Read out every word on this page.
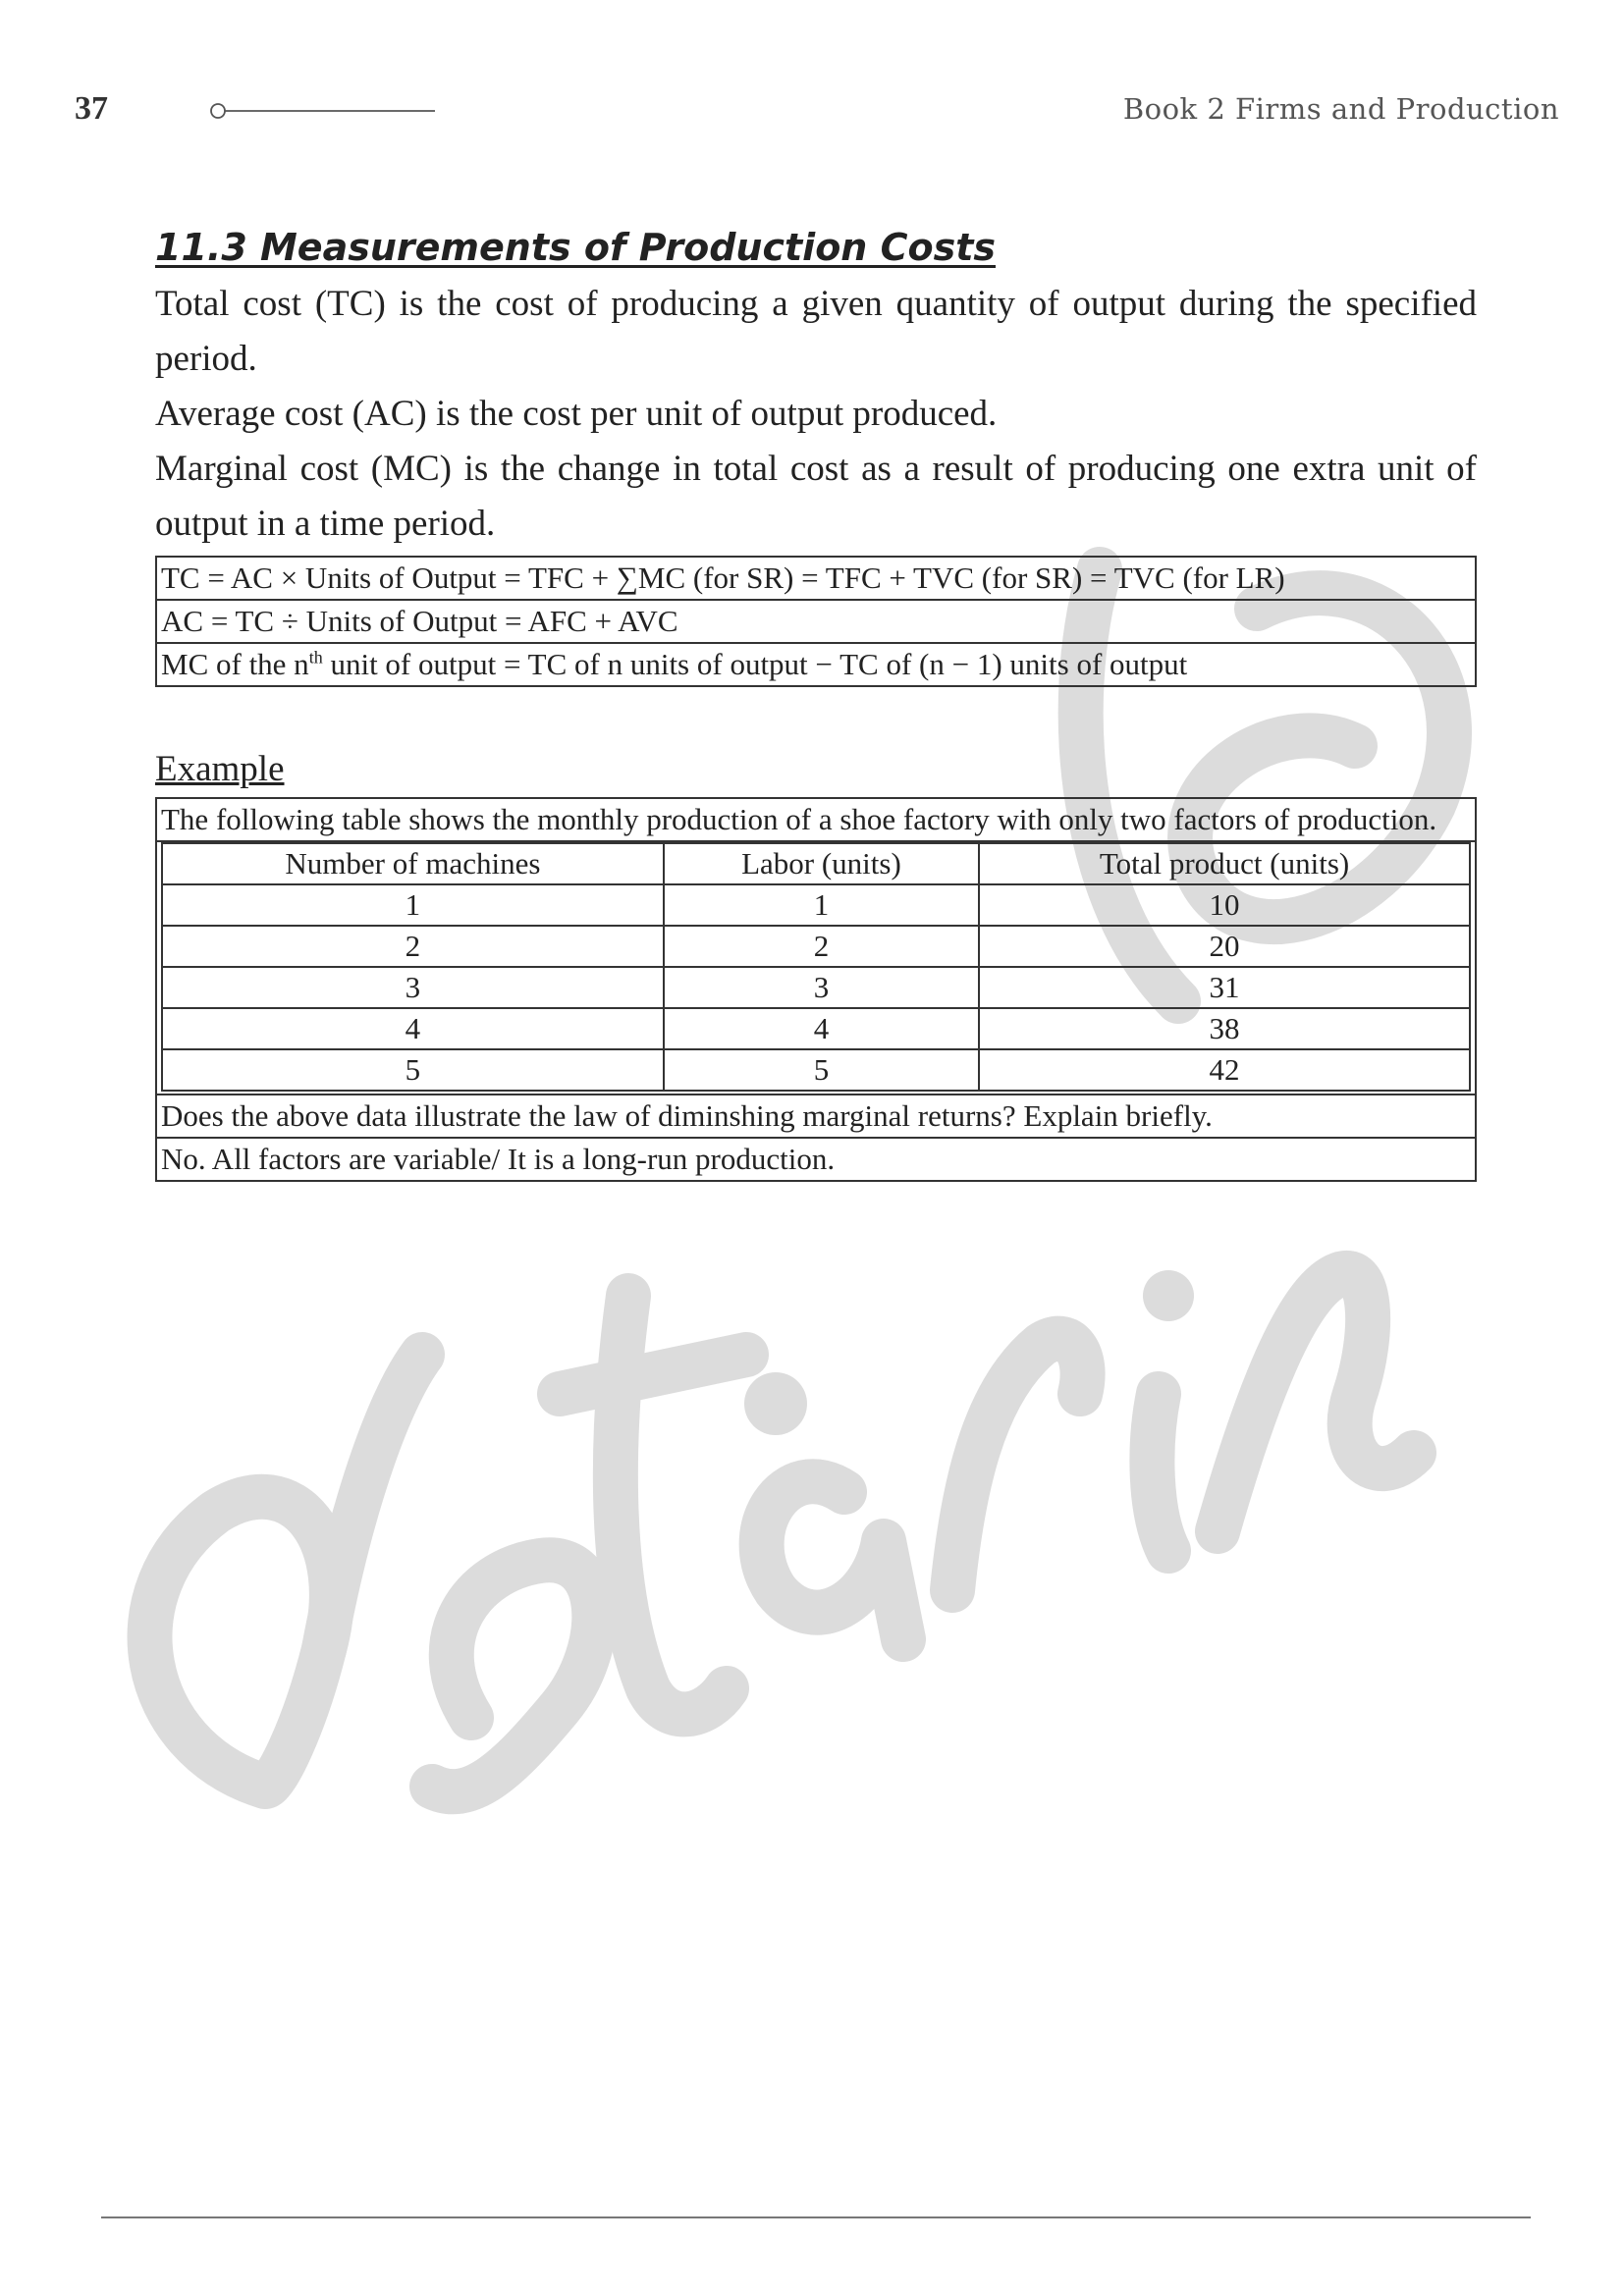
37	Book 2 Firms and Production
11.3 Measurements of Production Costs

Total cost (TC) is the cost of producing a given quantity of output during the specified period.

Average cost (AC) is the cost per unit of output produced.

Marginal cost (MC) is the change in total cost as a result of producing one extra unit of output in a time period.

TC = AC × Units of Output = TFC + ∑MC (for SR) = TFC + TVC (for SR) = TVC (for LR)
AC = TC ÷ Units of Output = AFC + AVC
MC of the $n^{th}$ unit of output = TC of n units of output − TC of (n − 1) units of output
Example
The following table shows the monthly production of a shoe factory with only two factors of production.

Number of machines	Labor (units)	Total product (units)
1	1	10
2	2	20
3	3	31
4	4	38
5	5	42

Does the above data illustrate the law of diminshing marginal returns? Explain briefly.
No. All factors are variable/ It is a long-run production.
